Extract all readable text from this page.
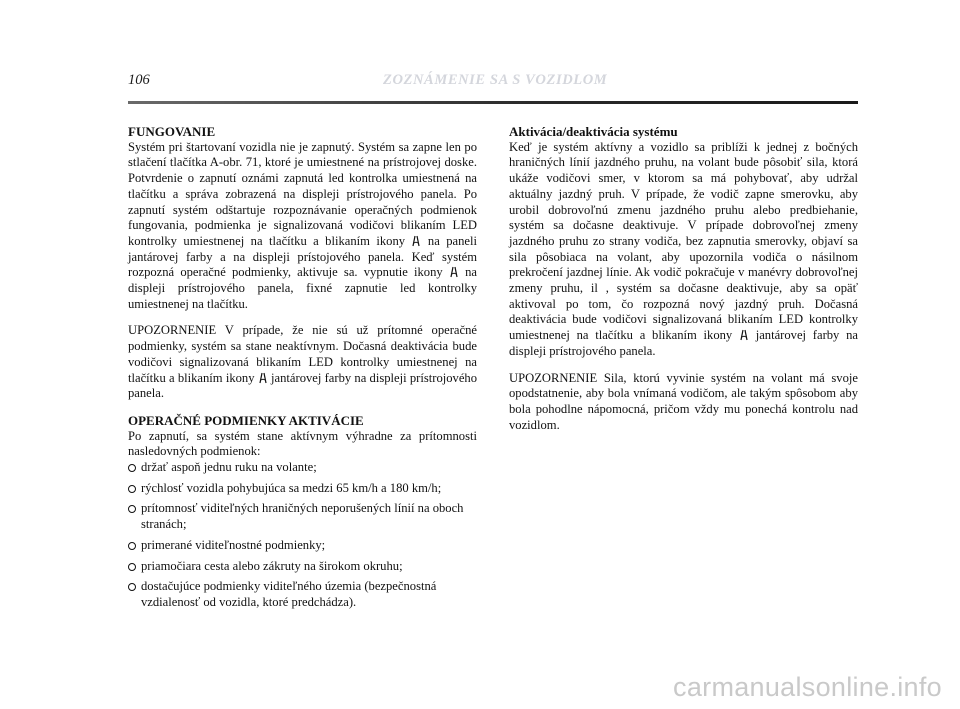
106	ZOZNÁMENIE SA S VOZIDLOM

FUNGOVANIE

Systém pri štartovaní vozidla nie je zapnutý. Systém sa zapne len po stlačení tlačítka A-obr. 71, ktoré je umiestnené na prístrojovej doske. Potvrdenie o zapnutí oznámi zapnutá led kontrolka umiestnená na tlačítku a správa zobrazená na displeji prístrojového panela. Po zapnutí systém odštartuje rozpoznávanie operačných podmienok fungovania, podmienka je signalizovaná vodičovi blikaním LED kontrolky umiestnenej na tlačítku a blikaním ikony na paneli jantárovej farby a na displeji prístojového panela. Keď systém rozpozná operačné podmienky, aktivuje sa. vypnutie ikony na displeji prístrojového panela, fixné zapnutie led kontrolky umiestnenej na tlačítku.

UPOZORNENIE V prípade, že nie sú už prítomné operačné podmienky, systém sa stane neaktívnym. Dočasná deaktivácia bude vodičovi signalizovaná blikaním LED kontrolky umiestnenej na tlačítku a blikaním ikony jantárovej farby na displeji prístrojového panela.

OPERAČNÉ PODMIENKY AKTIVÁCIE

Po zapnutí, sa systém stane aktívnym výhradne za prítomnosti nasledovných podmienok:

držať aspoň jednu ruku na volante;
rýchlosť vozidla pohybujúca sa medzi 65 km/h a 180 km/h;
prítomnosť viditeľných hraničných neporušených línií na oboch stranách;
primerané viditeľnostné podmienky;
priamočiara cesta alebo zákruty na širokom okruhu;
dostačujúce podmienky viditeľného územia (bezpečnostná vzdialenosť od vozidla, ktoré predchádza).

Aktivácia/deaktivácia systému

Keď je systém aktívny a vozidlo sa priblíži k jednej z bočných hraničných línií jazdného pruhu, na volant bude pôsobiť sila, ktorá ukáže vodičovi smer, v ktorom sa má pohybovať, aby udržal aktuálny jazdný pruh. V prípade, že vodič zapne smerovku, aby urobil dobrovoľnú zmenu jazdného pruhu alebo predbiehanie, systém sa dočasne deaktivuje. V prípade dobrovoľnej zmeny jazdného pruhu zo strany vodiča, bez zapnutia smerovky, objaví sa sila pôsobiaca na volant, aby upozornila vodiča o násilnom prekročení jazdnej línie. Ak vodič pokračuje v manévry dobrovoľnej zmeny pruhu, il , systém sa dočasne deaktivuje, aby sa opäť aktivoval po tom, čo rozpozná nový jazdný pruh. Dočasná deaktivácia bude vodičovi signalizovaná blikaním LED kontrolky umiestnenej na tlačítku a blikaním ikony jantárovej farby na displeji prístrojového panela.

UPOZORNENIE Sila, ktorú vyvinie systém na volant má svoje opodstatnenie, aby bola vnímaná vodičom, ale takým spôsobom aby bola pohodlne nápomocná, pričom vždy mu ponechá kontrolu nad vozidlom.

carmanualsonline.info
